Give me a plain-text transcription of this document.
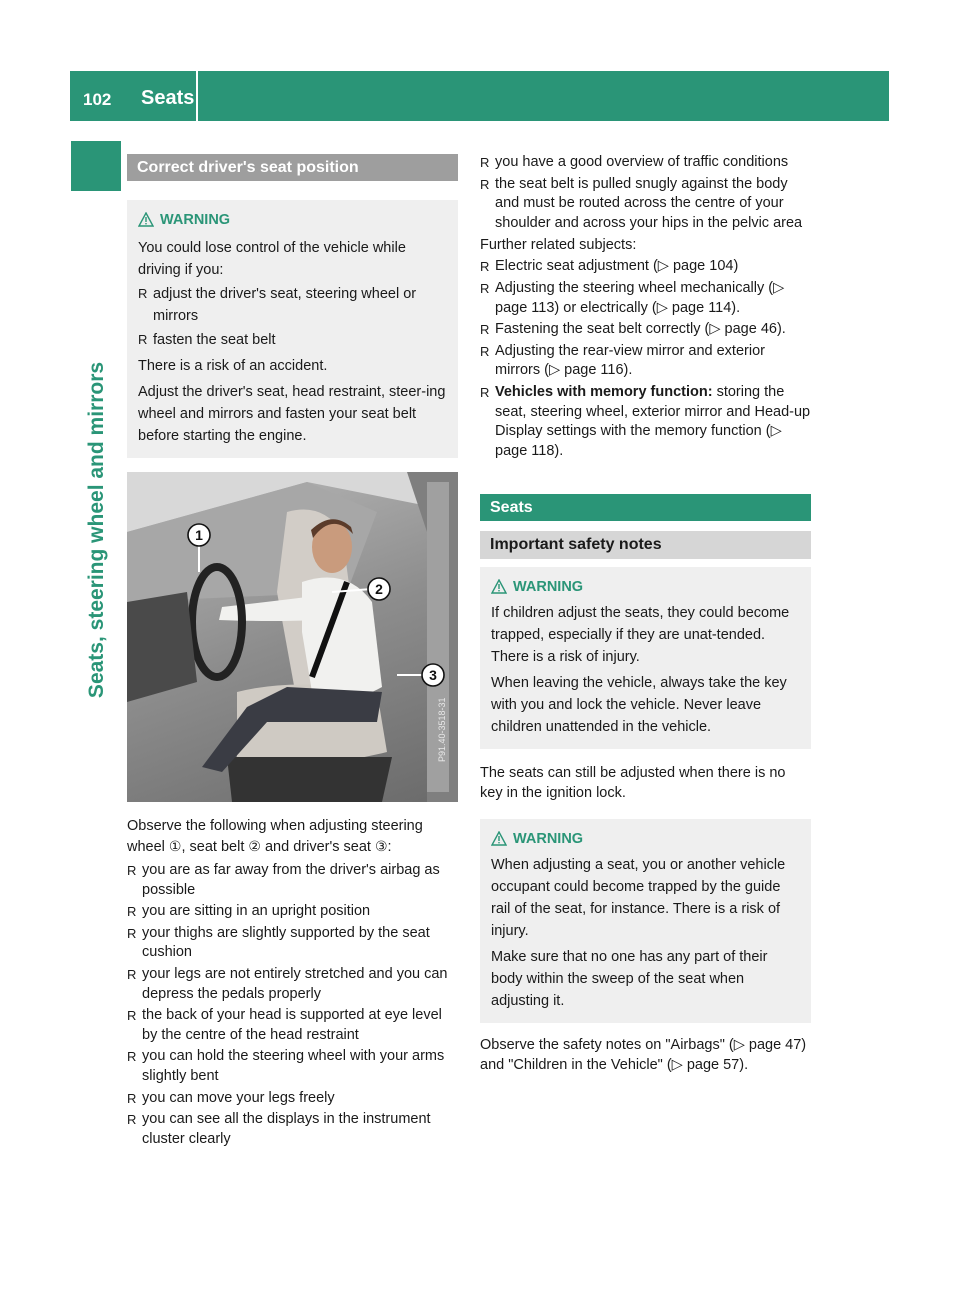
102 Seats
Seats, steering wheel and mirrors
Correct driver's seat position
WARNING

You could lose control of the vehicle while driving if you:

R adjust the driver's seat, steering wheel or mirrors
R fasten the seat belt

There is a risk of an accident.

Adjust the driver's seat, head restraint, steer-ing wheel and mirrors and fasten your seat belt before starting the engine.

1
2
3
P91.40-3518-31

Observe the following when adjusting steering wheel ①, seat belt ② and driver's seat ③:

R you are as far away from the driver's airbag as possible
R you are sitting in an upright position
R your thighs are slightly supported by the seat cushion
R your legs are not entirely stretched and you can depress the pedals properly
R the back of your head is supported at eye level by the centre of the head restraint
R you can hold the steering wheel with your arms slightly bent
R you can move your legs freely
R you can see all the displays in the instrument cluster clearly
R you have a good overview of traffic conditions
R the seat belt is pulled snugly against the body and must be routed across the centre of your shoulder and across your hips in the pelvic area

Further related subjects:

R Electric seat adjustment (▷ page 104)
R Adjusting the steering wheel mechanically (▷ page 113) or electrically (▷ page 114).
R Fastening the seat belt correctly (▷ page 46).
R Adjusting the rear-view mirror and exterior mirrors (▷ page 116).
R Vehicles with memory function: storing the seat, steering wheel, exterior mirror and Head-up Display settings with the memory function (▷ page 118).
Seats
Important safety notes
WARNING

If children adjust the seats, they could become trapped, especially if they are unat-tended. There is a risk of injury.

When leaving the vehicle, always take the key with you and lock the vehicle. Never leave children unattended in the vehicle.

The seats can still be adjusted when there is no key in the ignition lock.

WARNING

When adjusting a seat, you or another vehicle occupant could become trapped by the guide rail of the seat, for instance. There is a risk of injury.

Make sure that no one has any part of their body within the sweep of the seat when adjusting it.

Observe the safety notes on "Airbags" (▷ page 47) and "Children in the Vehicle" (▷ page 57).
